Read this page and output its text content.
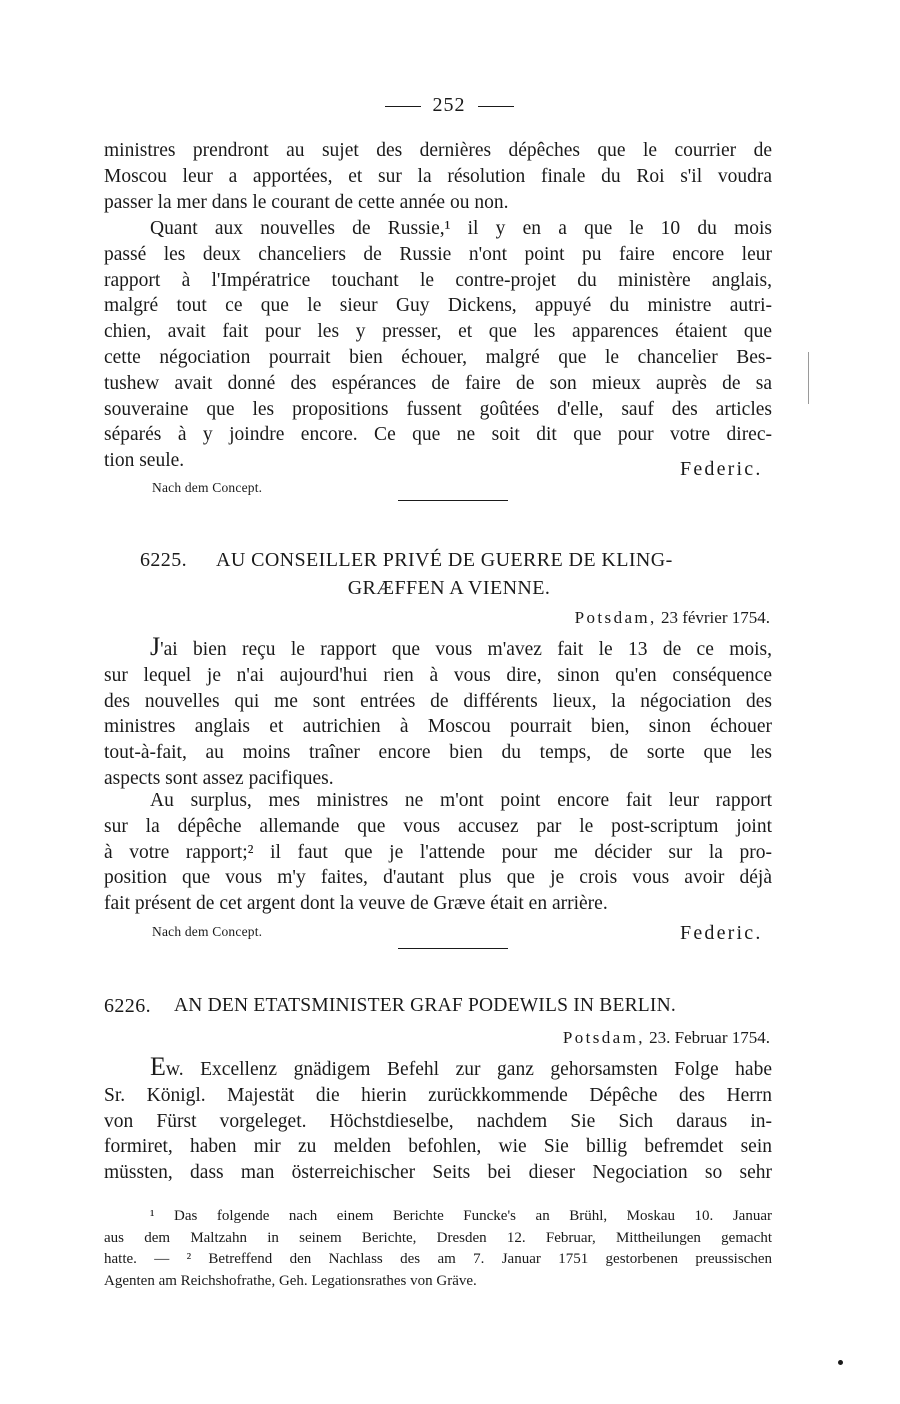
252
ministres prendront au sujet des dernières dépêches que le courrier de
Moscou leur a apportées, et sur la résolution finale du Roi s'il voudra
passer la mer dans le courant de cette année ou non.
Quant aux nouvelles de Russie,¹ il y en a que le 10 du mois
passé les deux chanceliers de Russie n'ont point pu faire encore leur
rapport à l'Impératrice touchant le contre-projet du ministère anglais,
malgré tout ce que le sieur Guy Dickens, appuyé du ministre autri-
chien, avait fait pour les y presser, et que les apparences étaient que
cette négociation pourrait bien échouer, malgré que le chancelier Bes-
tushew avait donné des espérances de faire de son mieux auprès de sa
souveraine que les propositions fussent goûtées d'elle, sauf des articles
séparés à y joindre encore. Ce que ne soit dit que pour votre direc-
tion seule.	Federic.
Nach dem Concept.
6225. AU CONSEILLER PRIVÉ DE GUERRE DE KLING-
GRÆFFEN A VIENNE.
Potsdam, 23 février 1754.
J'ai bien reçu le rapport que vous m'avez fait le 13 de ce mois,
sur lequel je n'ai aujourd'hui rien à vous dire, sinon qu'en conséquence
des nouvelles qui me sont entrées de différents lieux, la négociation des
ministres anglais et autrichien à Moscou pourrait bien, sinon échouer
tout-à-fait, au moins traîner encore bien du temps, de sorte que les
aspects sont assez pacifiques.
Au surplus, mes ministres ne m'ont point encore fait leur rapport
sur la dépêche allemande que vous accusez par le post-scriptum joint
à votre rapport;² il faut que je l'attende pour me décider sur la pro-
position que vous m'y faites, d'autant plus que je crois vous avoir déjà
fait présent de cet argent dont la veuve de Græve était en arrière.
Nach dem Concept.	Federic.
6226. AN DEN ETATSMINISTER GRAF PODEWILS IN BERLIN.
Potsdam, 23. Februar 1754.
Ew. Excellenz gnädigem Befehl zur ganz gehorsamsten Folge habe
Sr. Königl. Majestät die hierin zurückkommende Dépêche des Herrn
von Fürst vorgeleget. Höchstdieselbe, nachdem Sie Sich daraus in-
formiret, haben mir zu melden befohlen, wie Sie billig befremdet sein
müssten, dass man österreichischer Seits bei dieser Negociation so sehr
¹ Das folgende nach einem Berichte Funcke's an Brühl, Moskau 10. Januar
aus dem Maltzahn in seinem Berichte, Dresden 12. Februar, Mittheilungen gemacht
hatte. — ² Betreffend den Nachlass des am 7. Januar 1751 gestorbenen preussischen
Agenten am Reichshofrathe, Geh. Legationsrathes von Gräve.
